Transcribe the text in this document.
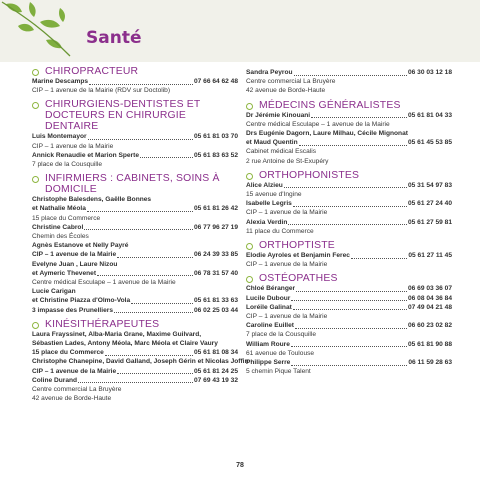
Santé
CHIROPRACTEUR
Marine Descamps	07 66 64 62 48
CIP – 1 avenue de la Mairie (RDV sur Doctolib)
CHIRURGIENS-DENTISTES ET DOCTEURS EN CHIRURGIE DENTAIRE
Luis Montemayor	05 61 81 03 70
CIP – 1 avenue de la Mairie
Annick Renaudie et Marion Sperte	05 61 83 63 52
7 place de la Cousquille
INFIRMIERS : CABINETS, SOINS À DOMICILE
Christophe Balesdens, Gaëlle Bonnes
et Nathalie Méola	05 61 81 26 42
15 place du Commerce
Christine Cabrol	06 77 96 27 19
Chemin des Écoles
Agnès Estanove et Nelly Payré
CIP – 1 avenue de la Mairie	06 24 39 33 85
Evelyne Juan , Laure Nizou
et Aymeric Thevenet	06 78 31 57 40
Centre médical Esculape – 1 avenue de la Mairie
Lucie Carigan
et Christine Piazza d'Olmo-Vola	05 61 81 33 63
3 impasse des Prunelliers	06 02 25 03 44
KINÉSITHÉRAPEUTES
Laura Frayssinet, Alba-Maria Grane, Maxime Guilvard,
Sébastien Lades, Antony Méola, Marc Méola et Claire Vaury
15 place du Commerce	05 61 81 08 34
Christophe Chanepine, David Galland, Joseph Gérin et Nicolas Joffin
CIP – 1 avenue de la Mairie	05 61 81 24 25
Coline Durand	07 69 43 19 32
Centre commercial La Bruyère
42 avenue de Borde-Haute
Sandra Peyrou	06 30 03 12 18
Centre commercial La Bruyère
42 avenue de Borde-Haute
MÉDECINS GÉNÉRALISTES
Dr Jérémie Kinouani	05 61 81 04 33
Centre médical Esculape – 1 avenue de la Mairie
Drs Eugénie Dagorn, Laure Milhau, Cécile Mignonat
et Maud Quentin	05 61 45 53 85
Cabinet médical Escalis
2 rue Antoine de St-Exupéry
ORTHOPHONISTES
Alice Alzieu	05 31 54 97 83
15 avenue d'Ingine
Isabelle Legris	05 61 27 24 40
CIP – 1 avenue de la Mairie
Alexia Verdin	05 61 27 59 81
11 place du Commerce
ORTHOPTISTE
Elodie Ayroles et Benjamin Ferec	05 61 27 11 45
CIP – 1 avenue de la Mairie
OSTÉOPATHES
Chloé Béranger	06 69 03 36 07
Lucile Dubour	06 08 04 36 84
Loréile Galinat	07 49 04 21 48
CIP – 1 avenue de la Mairie
Caroline Euillet	06 60 23 02 82
7 place de la Cousquille
William Roure	05 61 81 90 88
61 avenue de Toulouse
Philippe Serre	06 11 59 28 63
5 chemin Pique Talent
78
